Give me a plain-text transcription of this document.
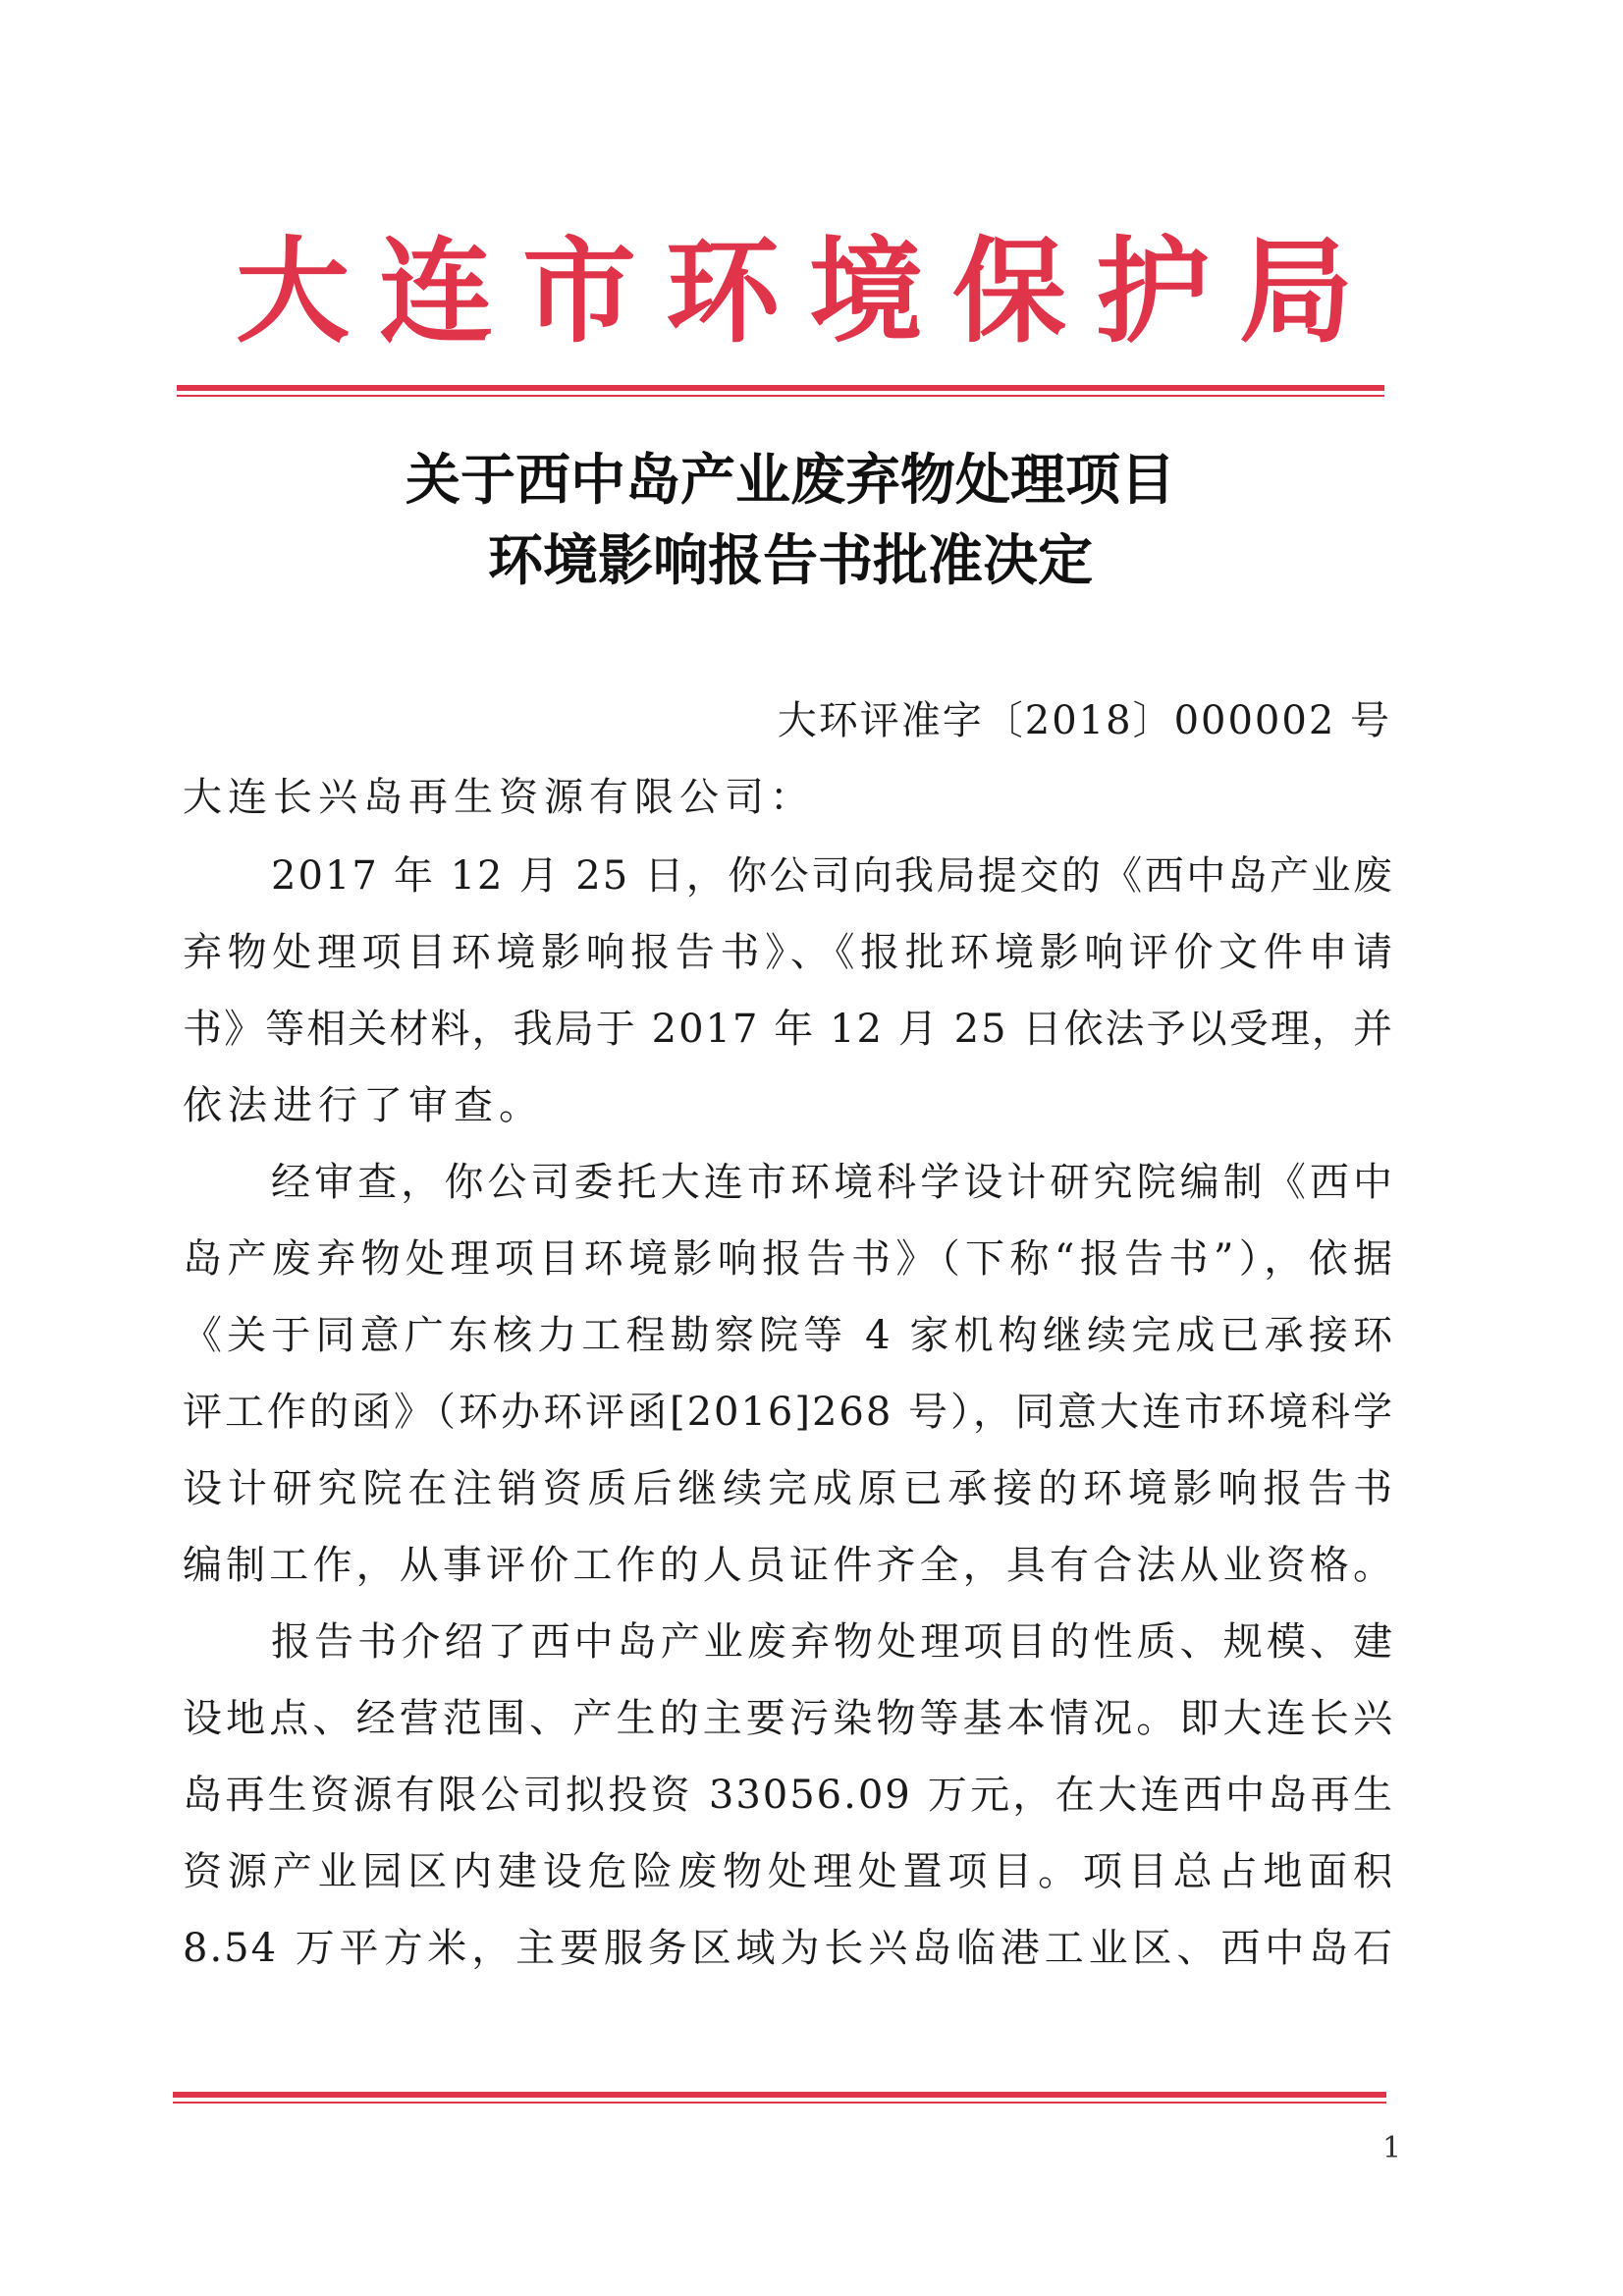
大连市环境保护局
关于西中岛产业废弃物处理项目
环境影响报告书批准决定
大环评准字〔2018〕000002 号
大连长兴岛再生资源有限公司：
2017 年 12 月 25 日，你公司向我局提交的《西中岛产业废
弃物处理项目环境影响报告书》、《报批环境影响评价文件申请
书》等相关材料，我局于 2017 年 12 月 25 日依法予以受理，并
依法进行了审查。
经审查，你公司委托大连市环境科学设计研究院编制《西中
岛产废弃物处理项目环境影响报告书》（下称“报告书”），依据
《关于同意广东核力工程勘察院等 4 家机构继续完成已承接环
评工作的函》（环办环评函[2016]268 号），同意大连市环境科学
设计研究院在注销资质后继续完成原已承接的环境影响报告书
编制工作，从事评价工作的人员证件齐全，具有合法从业资格。
报告书介绍了西中岛产业废弃物处理项目的性质、规模、建
设地点、经营范围、产生的主要污染物等基本情况。即大连长兴
岛再生资源有限公司拟投资 33056.09 万元，在大连西中岛再生
资源产业园区内建设危险废物处理处置项目。项目总占地面积
8.54 万平方米，主要服务区域为长兴岛临港工业区、西中岛石
1
